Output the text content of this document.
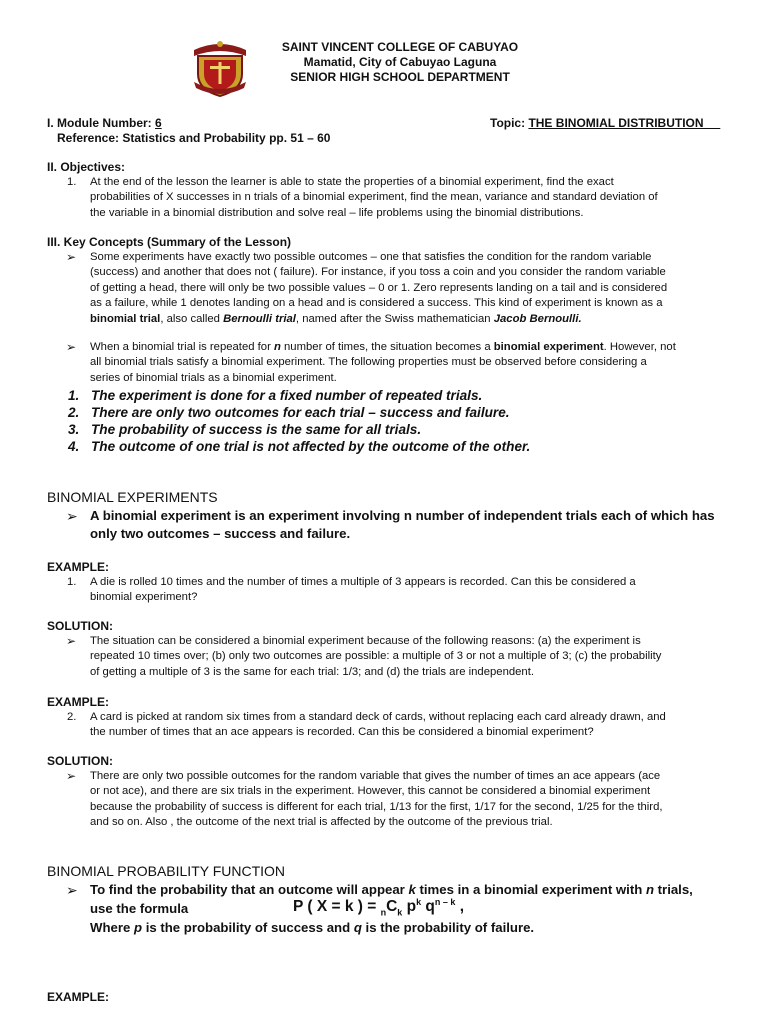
SAINT VINCENT COLLEGE OF CABUYAO
Mamatid, City of Cabuyao Laguna
SENIOR HIGH SCHOOL DEPARTMENT
I. Module Number: 6	Topic: THE BINOMIAL DISTRIBUTION   _
Reference: Statistics and Probability pp. 51 – 60
II. Objectives:
1. At the end of the lesson the learner is able to state the properties of a binomial experiment, find the exact

probabilities of X successes in n trials of a binomial experiment, find the mean, variance and standard deviation of

the variable in a binomial distribution and solve real – life problems using the binomial distributions.

III. Key Concepts (Summary of the Lesson)
➢ Some experiments have exactly two possible outcomes – one that satisfies the condition for the random variable

(success) and another that does not ( failure). For instance, if you toss a coin and you consider the random variable

of getting a head, there will only be two possible values – 0 or 1. Zero represents landing on a tail and is considered

as a failure, while 1 denotes landing on a head and is considered a success. This kind of experiment is known as a

binomial trial, also called Bernoulli trial, named after the Swiss mathematician Jacob Bernoulli.

➢ When a binomial trial is repeated for n number of times, the situation becomes a binomial experiment. However, not

all binomial trials satisfy a binomial experiment. The following properties must be observed before considering a

series of binomial trials as a binomial experiment.

1. The experiment is done for a fixed number of repeated trials.
2. There are only two outcomes for each trial – success and failure.
3. The probability of success is the same for all trials.
4. The outcome of one trial is not affected by the outcome of the other.
BINOMIAL EXPERIMENTS
➢ A binomial experiment is an experiment involving n number of independent trials each of which has
only two outcomes – success and failure.
EXAMPLE:
1. A die is rolled 10 times and the number of times a multiple of 3 appears is recorded. Can this be considered a

binomial experiment?

SOLUTION:
➢ The situation can be considered a binomial experiment because of the following reasons: (a) the experiment is

repeated 10 times over; (b) only two outcomes are possible: a multiple of 3 or not a multiple of 3; (c) the probability

of getting a multiple of 3 is the same for each trial: 1/3; and (d) the trials are independent.

EXAMPLE:
2. A card is picked at random six times from a standard deck of cards, without replacing each card already drawn, and

the number of times that an ace appears is recorded. Can this be considered a binomial experiment?

SOLUTION:
➢ There are only two possible outcomes for the random variable that gives the number of times an ace appears (ace

or not ace), and there are six trials in the experiment. However, this cannot be considered a binomial experiment

because the probability of success is different for each trial, 1/13 for the first, 1/17 for the second, 1/25 for the third,

and so on. Also , the outcome of the next trial is affected by the outcome of the previous trial.

BINOMIAL PROBABILITY FUNCTION
➢ To find the probability that an outcome will appear k times in a binomial experiment with n trials,
use the formula	P ( X = k ) = $_nC_k$ $p^k$ $q^{n - k}$ ,
Where p is the probability of success and q is the probability of failure.
EXAMPLE:
